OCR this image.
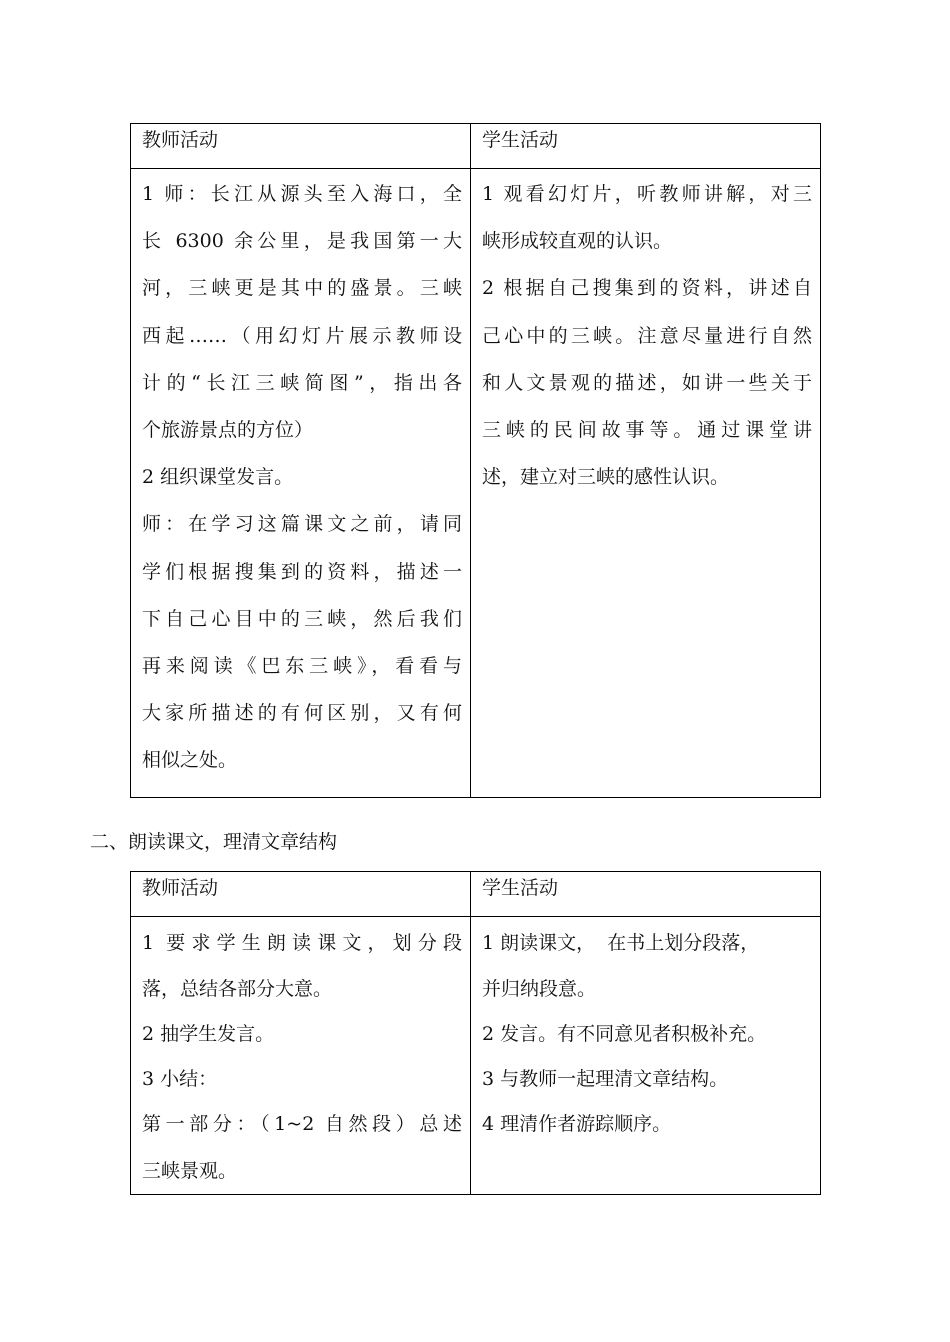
教师活动	学生活动
1 师：长江从源头至入海口，全
长 6300 余公里，是我国第一大
河，三峡更是其中的盛景。三峡
西起……（用幻灯片展示教师设
计的“长江三峡简图”，指出各
个旅游景点的方位）
2 组织课堂发言。
师：在学习这篇课文之前，请同
学们根据搜集到的资料，描述一
下自己心目中的三峡，然后我们
再来阅读《巴东三峡》，看看与
大家所描述的有何区别，又有何
相似之处。
1 观看幻灯片，听教师讲解，对三
峡形成较直观的认识。
2 根据自己搜集到的资料，讲述自
己心中的三峡。注意尽量进行自然
和人文景观的描述，如讲一些关于
三峡的民间故事等。通过课堂讲
述，建立对三峡的感性认识。
二、朗读课文，理清文章结构
教师活动	学生活动
1 要求学生朗读课文，划分段
落，总结各部分大意。
2 抽学生发言。
3 小结：
第一部分：（1~2 自然段）总述
三峡景观。
1 朗读课文，  在书上划分段落，
并归纳段意。
2 发言。有不同意见者积极补充。
3 与教师一起理清文章结构。
4 理清作者游踪顺序。
